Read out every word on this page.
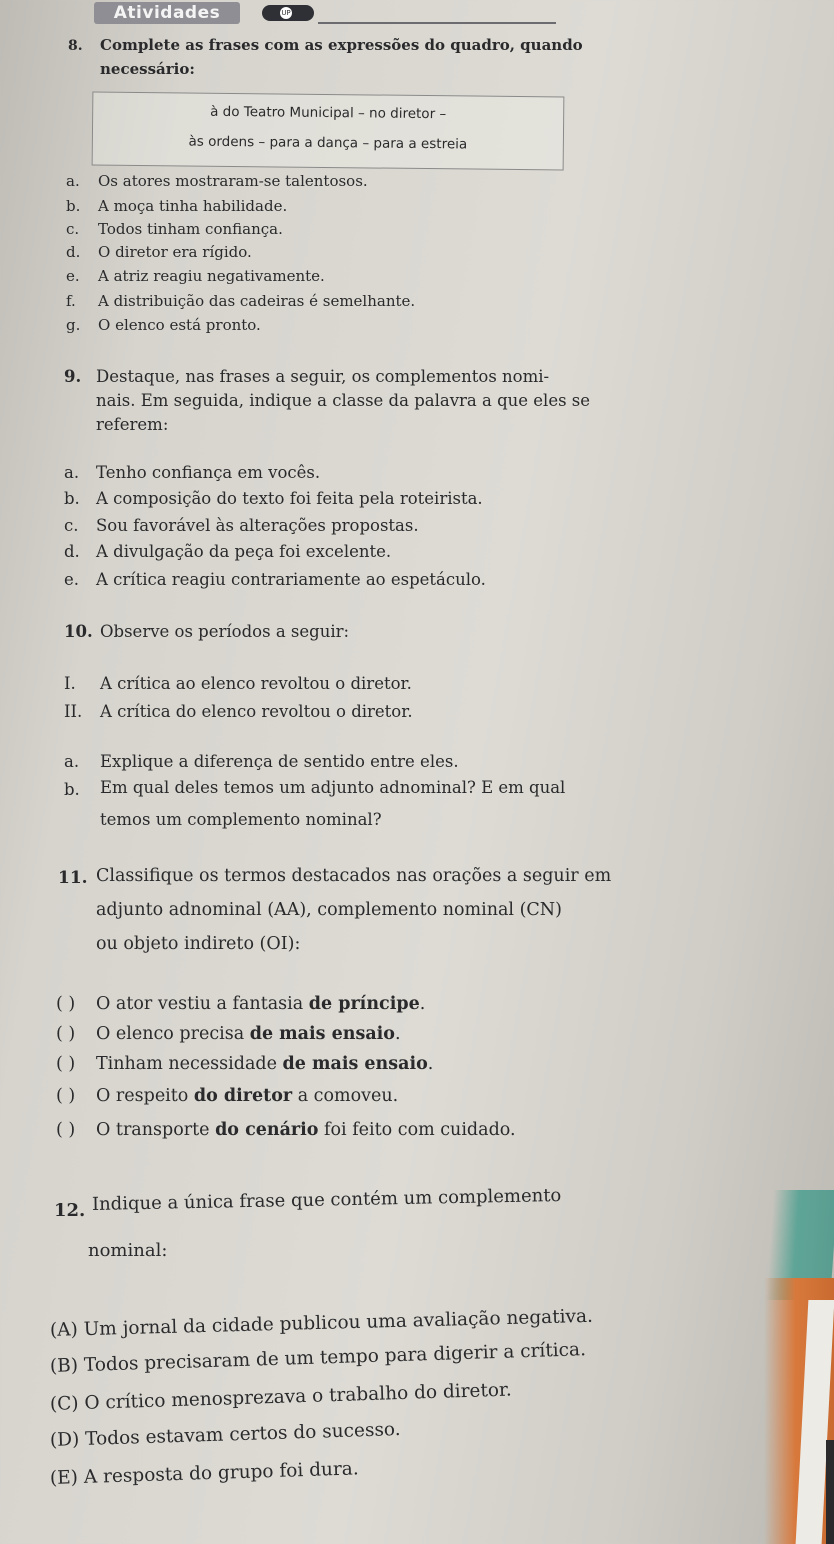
Atividades	UP
8. Complete as frases com as expressões do quadro, quando
necessário:
à do Teatro Municipal – no diretor –
às ordens – para a dança – para a estreia
a. Os atores mostraram-se talentosos.
b. A moça tinha habilidade.
c. Todos tinham confiança.
d. O diretor era rígido.
e. A atriz reagiu negativamente.
f. A distribuição das cadeiras é semelhante.
g. O elenco está pronto.
9. Destaque, nas frases a seguir, os complementos nomi-
nais. Em seguida, indique a classe da palavra a que eles se
referem:
a. Tenho confiança em vocês.
b. A composição do texto foi feita pela roteirista.
c. Sou favorável às alterações propostas.
d. A divulgação da peça foi excelente.
e. A crítica reagiu contrariamente ao espetáculo.
10. Observe os períodos a seguir:
I. A crítica ao elenco revoltou o diretor.
II. A crítica do elenco revoltou o diretor.
a. Explique a diferença de sentido entre eles.
b. Em qual deles temos um adjunto adnominal? E em qual
temos um complemento nominal?
11. Classifique os termos destacados nas orações a seguir em
adjunto adnominal (AA), complemento nominal (CN)
ou objeto indireto (OI):
( ) O ator vestiu a fantasia de príncipe.
( ) O elenco precisa de mais ensaio.
( ) Tinham necessidade de mais ensaio.
( ) O respeito do diretor a comoveu.
( ) O transporte do cenário foi feito com cuidado.
12. Indique a única frase que contém um complemento
nominal:
(A) Um jornal da cidade publicou uma avaliação negativa.
(B) Todos precisaram de um tempo para digerir a crítica.
(C) O crítico menosprezava o trabalho do diretor.
(D) Todos estavam certos do sucesso.
(E) A resposta do grupo foi dura.
